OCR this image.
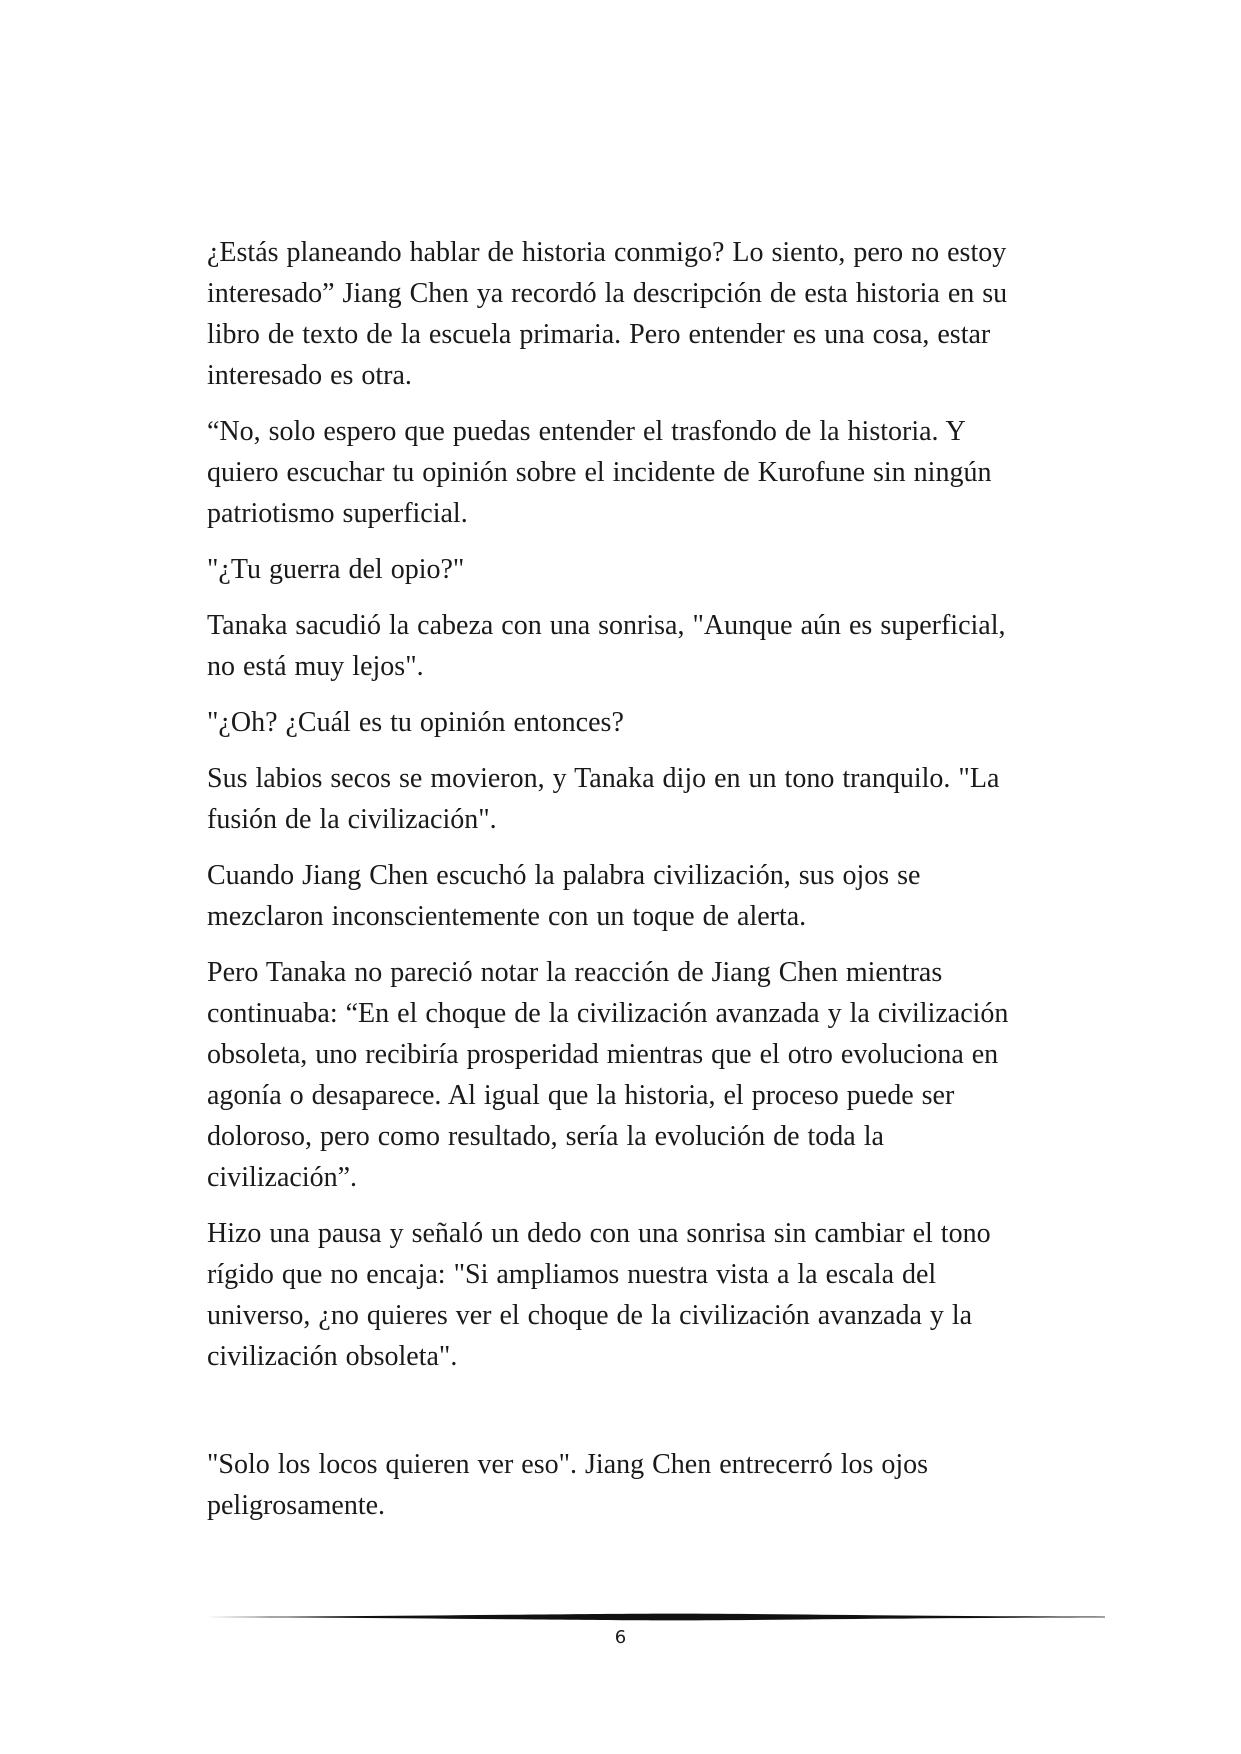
¿Estás planeando hablar de historia conmigo? Lo siento, pero no estoy
interesado” Jiang Chen ya recordó la descripción de esta historia en su
libro de texto de la escuela primaria. Pero entender es una cosa, estar
interesado es otra.

“No, solo espero que puedas entender el trasfondo de la historia. Y
quiero escuchar tu opinión sobre el incidente de Kurofune sin ningún
patriotismo superficial.

"¿Tu guerra del opio?"

Tanaka sacudió la cabeza con una sonrisa, "Aunque aún es superficial,
no está muy lejos".

"¿Oh? ¿Cuál es tu opinión entonces?

Sus labios secos se movieron, y Tanaka dijo en un tono tranquilo. "La
fusión de la civilización".

Cuando Jiang Chen escuchó la palabra civilización, sus ojos se
mezclaron inconscientemente con un toque de alerta.

Pero Tanaka no pareció notar la reacción de Jiang Chen mientras
continuaba: “En el choque de la civilización avanzada y la civilización
obsoleta, uno recibiría prosperidad mientras que el otro evoluciona en
agonía o desaparece. Al igual que la historia, el proceso puede ser
doloroso, pero como resultado, sería la evolución de toda la
civilización”.

Hizo una pausa y señaló un dedo con una sonrisa sin cambiar el tono
rígido que no encaja: "Si ampliamos nuestra vista a la escala del
universo, ¿no quieres ver el choque de la civilización avanzada y la
civilización obsoleta".

"Solo los locos quieren ver eso". Jiang Chen entrecerró los ojos
peligrosamente.

6
